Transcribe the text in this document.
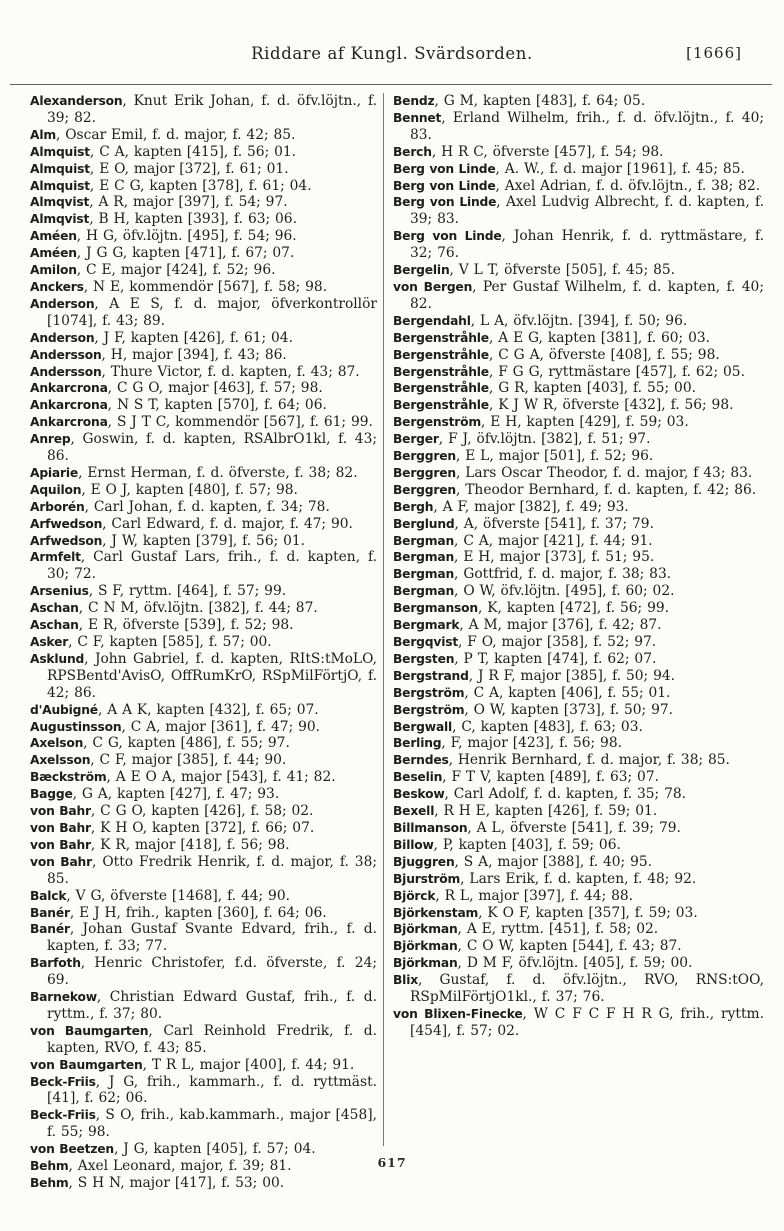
Riddare af Kungl. Svärdsorden.	[1666]

Alexanderson, Knut Erik Johan, f. d. öfv.löjtn., f. 39; 82.

Alm, Oscar Emil, f. d. major, f. 42; 85.

Almquist, C A, kapten [415], f. 56; 01.

Almquist, E O, major [372], f. 61; 01.

Almquist, E C G, kapten [378], f. 61; 04.

Almqvist, A R, major [397], f. 54; 97.

Almqvist, B H, kapten [393], f. 63; 06.

Améen, H G, öfv.löjtn. [495], f. 54; 96.

Améen, J G G, kapten [471], f. 67; 07.

Amilon, C E, major [424], f. 52; 96.

Anckers, N E, kommendör [567], f. 58; 98.

Anderson, A E S, f. d. major, öfverkontrollör [1074], f. 43; 89.

Anderson, J F, kapten [426], f. 61; 04.

Andersson, H, major [394], f. 43; 86.

Andersson, Thure Victor, f. d. kapten, f. 43; 87.

Ankarcrona, C G O, major [463], f. 57; 98.

Ankarcrona, N S T, kapten [570], f. 64; 06.

Ankarcrona, S J T C, kommendör [567], f. 61; 99.

Anrep, Goswin, f. d. kapten, RSAlbrO1kl, f. 43; 86.

Apiarie, Ernst Herman, f. d. öfverste, f. 38; 82.

Aquilon, E O J, kapten [480], f. 57; 98.

Arborén, Carl Johan, f. d. kapten, f. 34; 78.

Arfwedson, Carl Edward, f. d. major, f. 47; 90.

Arfwedson, J W, kapten [379], f. 56; 01.

Armfelt, Carl Gustaf Lars, frih., f. d. kapten, f. 30; 72.

Arsenius, S F, ryttm. [464], f. 57; 99.

Aschan, C N M, öfv.löjtn. [382], f. 44; 87.

Aschan, E R, öfverste [539], f. 52; 98.

Asker, C F, kapten [585], f. 57; 00.

Asklund, John Gabriel, f. d. kapten, RItS:tMoLO, RPSBentd'AvisO, OffRumKrO, RSpMilFörtjO, f. 42; 86.

d'Aubigné, A A K, kapten [432], f. 65; 07.

Augustinsson, C A, major [361], f. 47; 90.

Axelson, C G, kapten [486], f. 55; 97.

Axelsson, C F, major [385], f. 44; 90.

Bæckström, A E O A, major [543], f. 41; 82.

Bagge, G A, kapten [427], f. 47; 93.

von Bahr, C G O, kapten [426], f. 58; 02.

von Bahr, K H O, kapten [372], f. 66; 07.

von Bahr, K R, major [418], f. 56; 98.

von Bahr, Otto Fredrik Henrik, f. d. major, f. 38; 85.

Balck, V G, öfverste [1468], f. 44; 90.

Banér, E J H, frih., kapten [360], f. 64; 06.

Banér, Johan Gustaf Svante Edvard, frih., f. d. kapten, f. 33; 77.

Barfoth, Henric Christofer, f.d. öfverste, f. 24; 69.

Barnekow, Christian Edward Gustaf, frih., f. d. ryttm., f. 37; 80.

von Baumgarten, Carl Reinhold Fredrik, f. d. kapten, RVO, f. 43; 85.

von Baumgarten, T R L, major [400], f. 44; 91.

Beck-Friis, J G, frih., kammarh., f. d. ryttmäst. [41], f. 62; 06.

Beck-Friis, S O, frih., kab.kammarh., major [458], f. 55; 98.

von Beetzen, J G, kapten [405], f. 57; 04.

Behm, Axel Leonard, major, f. 39; 81.

Behm, S H N, major [417], f. 53; 00.

Bendz, G M, kapten [483], f. 64; 05.

Bennet, Erland Wilhelm, frih., f. d. öfv.löjtn., f. 40; 83.

Berch, H R C, öfverste [457], f. 54; 98.

Berg von Linde, A. W., f. d. major [1961], f. 45; 85.

Berg von Linde, Axel Adrian, f. d. öfv.löjtn., f. 38; 82.

Berg von Linde, Axel Ludvig Albrecht, f. d. kapten, f. 39; 83.

Berg von Linde, Johan Henrik, f. d. ryttmästare, f. 32; 76.

Bergelin, V L T, öfverste [505], f. 45; 85.

von Bergen, Per Gustaf Wilhelm, f. d. kapten, f. 40; 82.

Bergendahl, L A, öfv.löjtn. [394], f. 50; 96.

Bergenstråhle, A E G, kapten [381], f. 60; 03.

Bergenstråhle, C G A, öfverste [408], f. 55; 98.

Bergenstråhle, F G G, ryttmästare [457], f. 62; 05.

Bergenstråhle, G R, kapten [403], f. 55; 00.

Bergenstråhle, K J W R, öfverste [432], f. 56; 98.

Bergenström, E H, kapten [429], f. 59; 03.

Berger, F J, öfv.löjtn. [382], f. 51; 97.

Berggren, E L, major [501], f. 52; 96.

Berggren, Lars Oscar Theodor, f. d. major, f 43; 83.

Berggren, Theodor Bernhard, f. d. kapten, f. 42; 86.

Bergh, A F, major [382], f. 49; 93.

Berglund, A, öfverste [541], f. 37; 79.

Bergman, C A, major [421], f. 44; 91.

Bergman, E H, major [373], f. 51; 95.

Bergman, Gottfrid, f. d. major, f. 38; 83.

Bergman, O W, öfv.löjtn. [495], f. 60; 02.

Bergmanson, K, kapten [472], f. 56; 99.

Bergmark, A M, major [376], f. 42; 87.

Bergqvist, F O, major [358], f. 52; 97.

Bergsten, P T, kapten [474], f. 62; 07.

Bergstrand, J R F, major [385], f. 50; 94.

Bergström, C A, kapten [406], f. 55; 01.

Bergström, O W, kapten [373], f. 50; 97.

Bergwall, C, kapten [483], f. 63; 03.

Berling, F, major [423], f. 56; 98.

Berndes, Henrik Bernhard, f. d. major, f. 38; 85.

Beselin, F T V, kapten [489], f. 63; 07.

Beskow, Carl Adolf, f. d. kapten, f. 35; 78.

Bexell, R H E, kapten [426], f. 59; 01.

Billmanson, A L, öfverste [541], f. 39; 79.

Billow, P, kapten [403], f. 59; 06.

Bjuggren, S A, major [388], f. 40; 95.

Bjurström, Lars Erik, f. d. kapten, f. 48; 92.

Björck, R L, major [397], f. 44; 88.

Björkenstam, K O F, kapten [357], f. 59; 03.

Björkman, A E, ryttm. [451], f. 58; 02.

Björkman, C O W, kapten [544], f. 43; 87.

Björkman, D M F, öfv.löjtn. [405], f. 59; 00.

Blix, Gustaf, f. d. öfv.löjtn., RVO, RNS:tOO, RSpMilFörtjO1kl., f. 37; 76.

von Blixen-Finecke, W C F C F H R G, frih., ryttm. [454], f. 57; 02.

617
